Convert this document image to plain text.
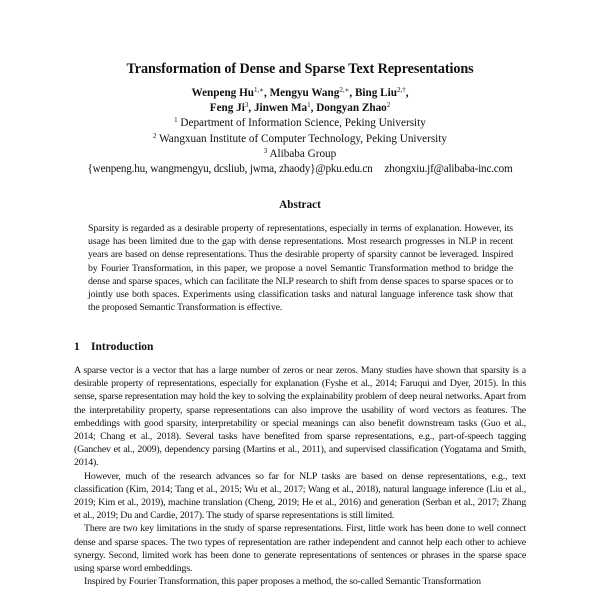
Transformation of Dense and Sparse Text Representations
Wenpeng $Hu^{1,∗}$, Mengyu Wang$^{2,∗}$, Bing Liu$^{2,\dagger}$,
Feng Ji$^3$, Jinwen Ma$^1$, Dongyan Zhao$^2$
$^1$ Department of Information Science, Peking University
$^2$ Wangxuan Institute of Computer Technology, Peking University
$^3$ Alibaba Group
{wenpeng.hu, wangmengyu, dcsliub, jwma, zhaody}@pku.edu.cn zhongxiu.jf@alibaba-inc.com
Abstract
Sparsity is regarded as a desirable property of representations, especially in terms of explanation. However, its usage has been limited due to the gap with dense representations. Most research progresses in NLP in recent years are based on dense representations. Thus the desirable property of sparsity cannot be leveraged. Inspired by Fourier Transformation, in this paper, we propose a novel Semantic Transformation method to bridge the dense and sparse spaces, which can facilitate the NLP research to shift from dense spaces to sparse spaces or to jointly use both spaces. Experiments using classification tasks and natural language inference task show that the proposed Semantic Transformation is effective.
1 Introduction

A sparse vector is a vector that has a large number of zeros or near zeros. Many studies have shown that sparsity is a desirable property of representations, especially for explanation (Fyshe et al., 2014; Faruqui and Dyer, 2015). In this sense, sparse representation may hold the key to solving the explainability problem of deep neural networks. Apart from the interpretability property, sparse representations can also improve the usability of word vectors as features. The embeddings with good sparsity, interpretability or special meanings can also benefit downstream tasks (Guo et al., 2014; Chang et al., 2018). Several tasks have benefited from sparse representations, e.g., part-of-speech tagging (Ganchev et al., 2009), dependency parsing (Martins et al., 2011), and supervised classification (Yogatama and Smith, 2014).

However, much of the research advances so far for NLP tasks are based on dense representations, e.g., text classification (Kim, 2014; Tang et al., 2015; Wu et al., 2017; Wang et al., 2018), natural language inference (Liu et al., 2019; Kim et al., 2019), machine translation (Cheng, 2019; He et al., 2016) and generation (Serban et al., 2017; Zhang et al., 2019; Du and Cardie, 2017). The study of sparse representations is still limited.

There are two key limitations in the study of sparse representations. First, little work has been done to well connect dense and sparse spaces. The two types of representation are rather independent and cannot help each other to achieve synergy. Second, limited work has been done to generate representations of sentences or phrases in the sparse space using sparse word embeddings.

Inspired by Fourier Transformation, this paper proposes a method, the so-called Semantic Transformation
